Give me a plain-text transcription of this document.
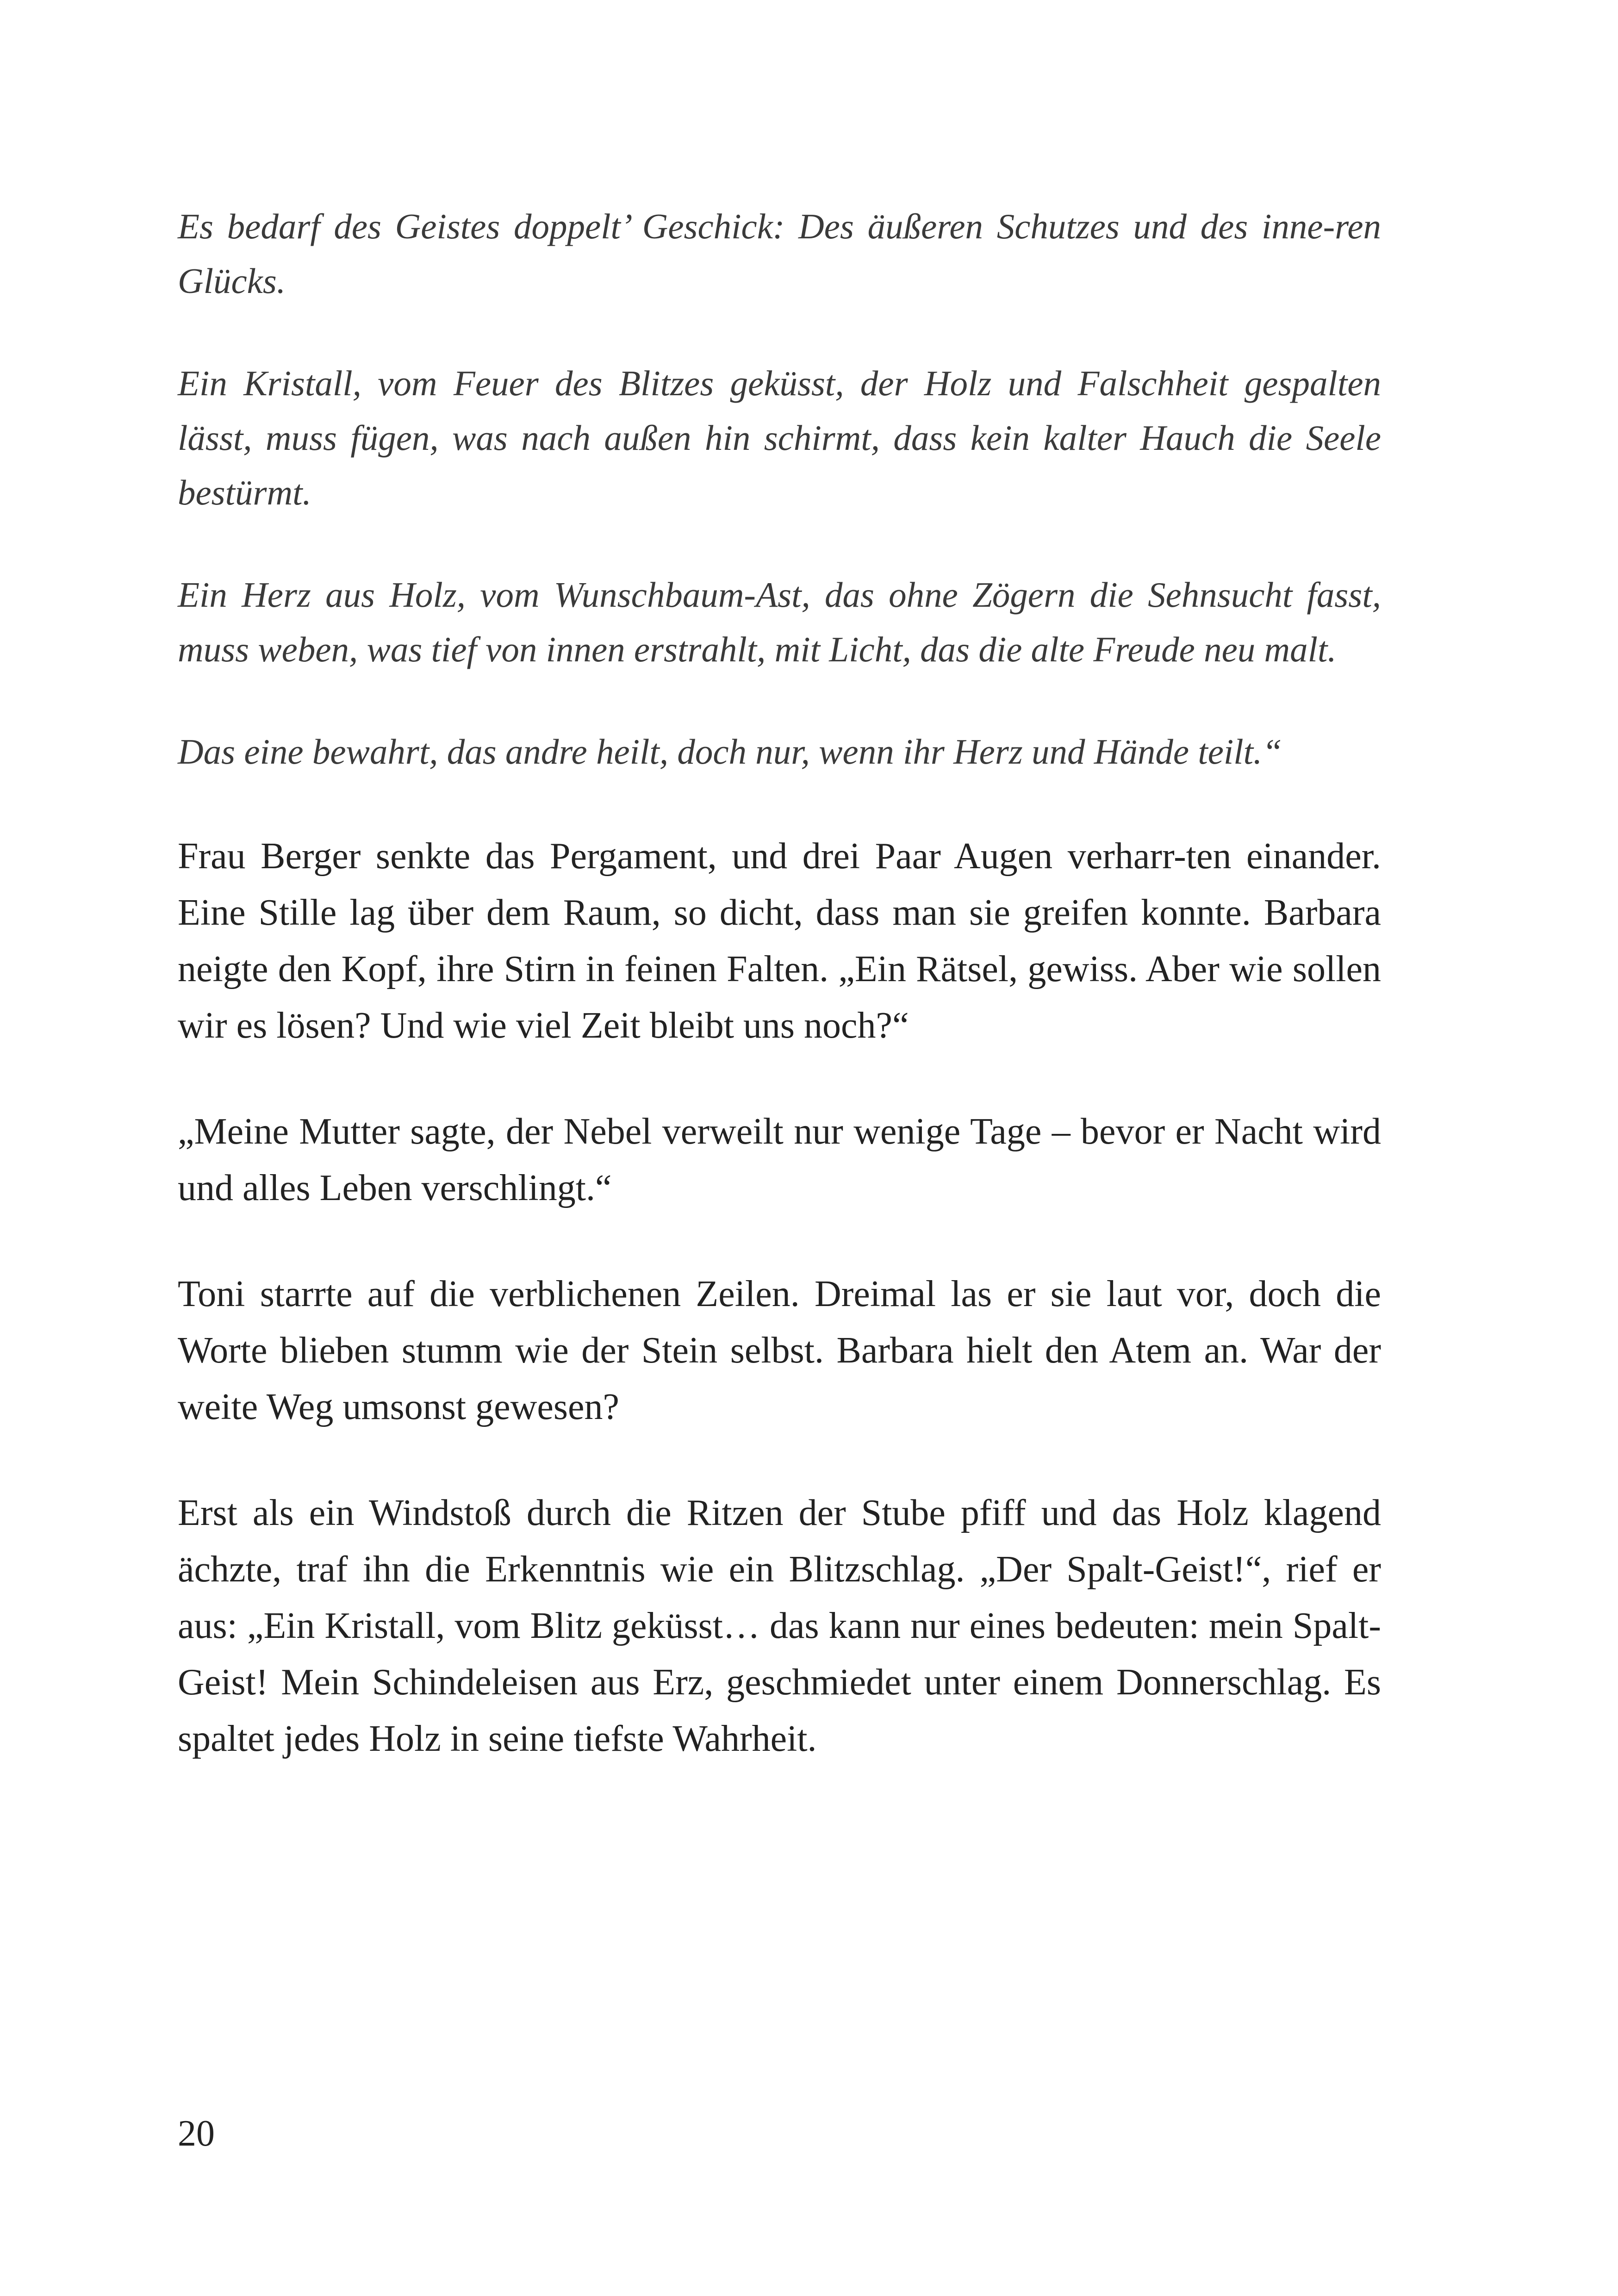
Es bedarf des Geistes doppelt’ Geschick: Des äußeren Schutzes und des inne-ren Glücks.

Ein Kristall, vom Feuer des Blitzes geküsst, der Holz und Falschheit gespalten lässt, muss fügen, was nach außen hin schirmt, dass kein kalter Hauch die Seele bestürmt.

Ein Herz aus Holz, vom Wunschbaum-Ast, das ohne Zögern die Sehnsucht fasst, muss weben, was tief von innen erstrahlt, mit Licht, das die alte Freude neu malt.

Das eine bewahrt, das andre heilt, doch nur, wenn ihr Herz und Hände teilt.“

Frau Berger senkte das Pergament, und drei Paar Augen verharr-ten einander. Eine Stille lag über dem Raum, so dicht, dass man sie greifen konnte. Barbara neigte den Kopf, ihre Stirn in feinen Falten. „Ein Rätsel, gewiss. Aber wie sollen wir es lösen? Und wie viel Zeit bleibt uns noch?“

„Meine Mutter sagte, der Nebel verweilt nur wenige Tage – bevor er Nacht wird und alles Leben verschlingt.“

Toni starrte auf die verblichenen Zeilen. Dreimal las er sie laut vor, doch die Worte blieben stumm wie der Stein selbst. Barbara hielt den Atem an. War der weite Weg umsonst gewesen?

Erst als ein Windstoß durch die Ritzen der Stube pfiff und das Holz klagend ächzte, traf ihn die Erkenntnis wie ein Blitzschlag. „Der Spalt-Geist!“, rief er aus: „Ein Kristall, vom Blitz geküsst… das kann nur eines bedeuten: mein Spalt-Geist! Mein Schindeleisen aus Erz, geschmiedet unter einem Donnerschlag. Es spaltet jedes Holz in seine tiefste Wahrheit.

20
